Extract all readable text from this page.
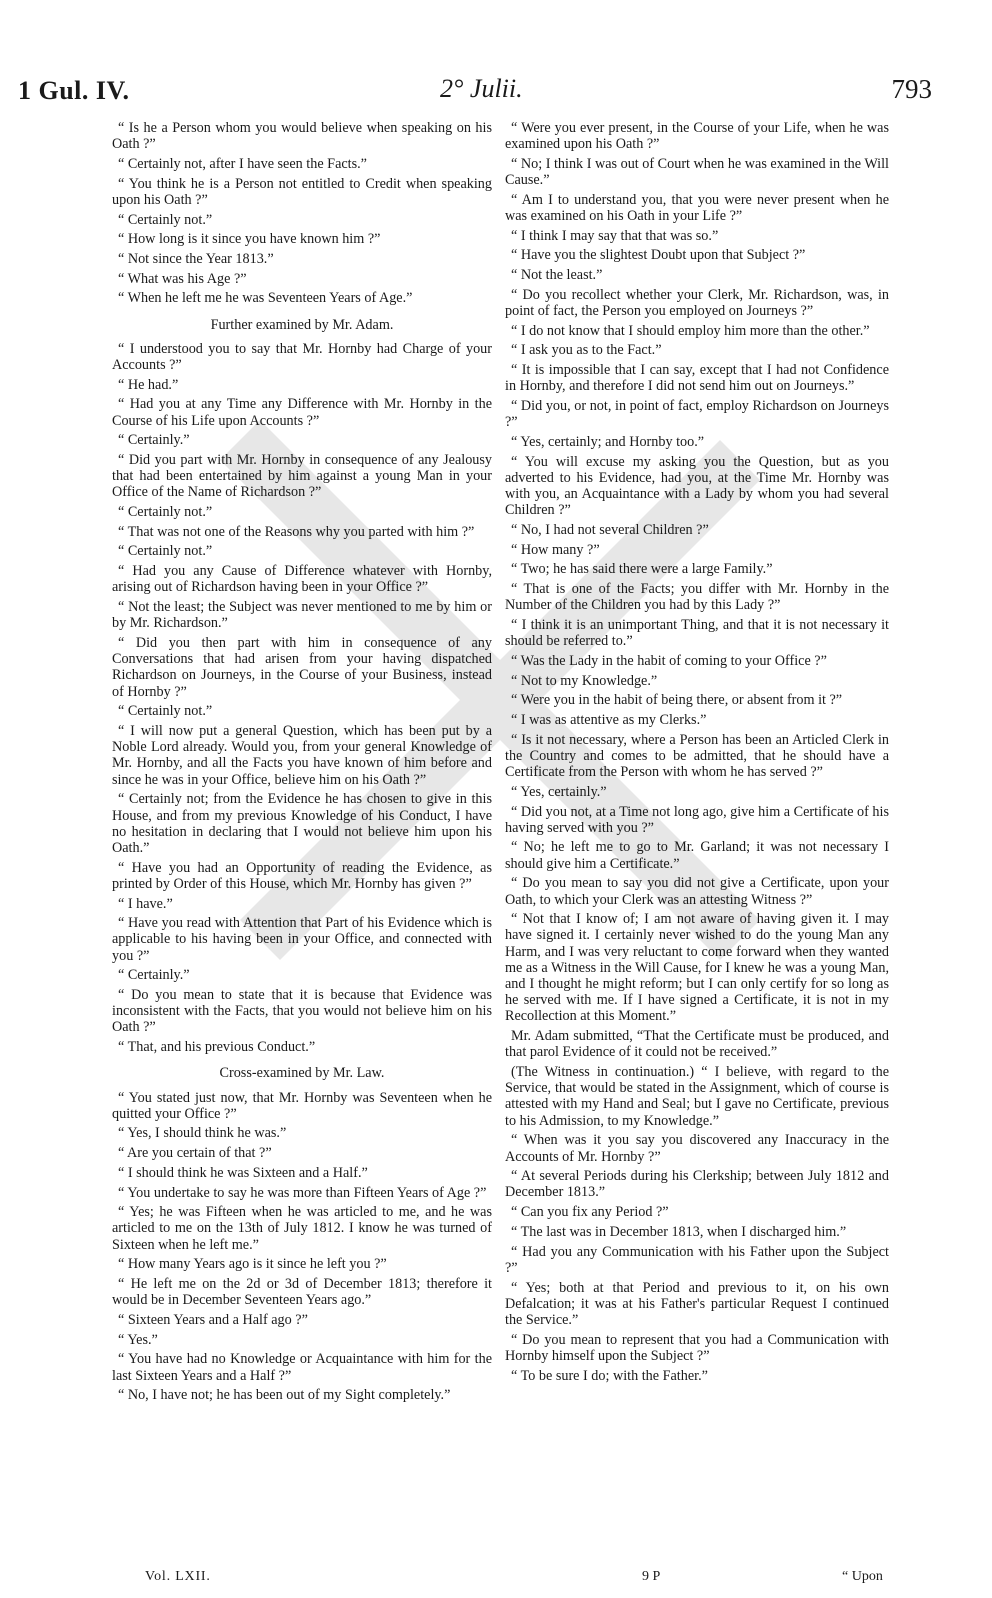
1 Gul. IV.	2° Julii.	793

“ Is he a Person whom you would believe when speaking on his Oath ?”

“ Certainly not, after I have seen the Facts.”

“ You think he is a Person not entitled to Credit when speaking upon his Oath ?”

“ Certainly not.”

“ How long is it since you have known him ?”

“ Not since the Year 1813.”

“ What was his Age ?”

“ When he left me he was Seventeen Years of Age.”

Further examined by Mr. Adam.

“ I understood you to say that Mr. Hornby had Charge of your Accounts ?”

“ He had.”

“ Had you at any Time any Difference with Mr. Hornby in the Course of his Life upon Accounts ?”

“ Certainly.”

“ Did you part with Mr. Hornby in consequence of any Jealousy that had been entertained by him against a young Man in your Office of the Name of Richardson ?”

“ Certainly not.”

“ That was not one of the Reasons why you parted with him ?”

“ Certainly not.”

“ Had you any Cause of Difference whatever with Hornby, arising out of Richardson having been in your Office ?”

“ Not the least; the Subject was never mentioned to me by him or by Mr. Richardson.”

“ Did you then part with him in consequence of any Conversations that had arisen from your having dispatched Richardson on Journeys, in the Course of your Business, instead of Hornby ?”

“ Certainly not.”

“ I will now put a general Question, which has been put by a Noble Lord already. Would you, from your general Knowledge of Mr. Hornby, and all the Facts you have known of him before and since he was in your Office, believe him on his Oath ?”

“ Certainly not; from the Evidence he has chosen to give in this House, and from my previous Knowledge of his Conduct, I have no hesitation in declaring that I would not believe him upon his Oath.”

“ Have you had an Opportunity of reading the Evidence, as printed by Order of this House, which Mr. Hornby has given ?”

“ I have.”

“ Have you read with Attention that Part of his Evidence which is applicable to his having been in your Office, and connected with you ?”

“ Certainly.”

“ Do you mean to state that it is because that Evidence was inconsistent with the Facts, that you would not believe him on his Oath ?”

“ That, and his previous Conduct.”

Cross-examined by Mr. Law.

“ You stated just now, that Mr. Hornby was Seventeen when he quitted your Office ?”

“ Yes, I should think he was.”

“ Are you certain of that ?”

“ I should think he was Sixteen and a Half.”

“ You undertake to say he was more than Fifteen Years of Age ?”

“ Yes; he was Fifteen when he was articled to me, and he was articled to me on the 13th of July 1812. I know he was turned of Sixteen when he left me.”

“ How many Years ago is it since he left you ?”

“ He left me on the 2d or 3d of December 1813; therefore it would be in December Seventeen Years ago.”

“ Sixteen Years and a Half ago ?”

“ Yes.”

“ You have had no Knowledge or Acquaintance with him for the last Sixteen Years and a Half ?”

“ No, I have not; he has been out of my Sight completely.”

“ Were you ever present, in the Course of your Life, when he was examined upon his Oath ?”

“ No; I think I was out of Court when he was examined in the Will Cause.”

“ Am I to understand you, that you were never present when he was examined on his Oath in your Life ?”

“ I think I may say that that was so.”

“ Have you the slightest Doubt upon that Subject ?”

“ Not the least.”

“ Do you recollect whether your Clerk, Mr. Richardson, was, in point of fact, the Person you employed on Journeys ?”

“ I do not know that I should employ him more than the other.”

“ I ask you as to the Fact.”

“ It is impossible that I can say, except that I had not Confidence in Hornby, and therefore I did not send him out on Journeys.”

“ Did you, or not, in point of fact, employ Richardson on Journeys ?”

“ Yes, certainly; and Hornby too.”

“ You will excuse my asking you the Question, but as you adverted to his Evidence, had you, at the Time Mr. Hornby was with you, an Acquaintance with a Lady by whom you had several Children ?”

“ No, I had not several Children ?”

“ How many ?”

“ Two; he has said there were a large Family.”

“ That is one of the Facts; you differ with Mr. Hornby in the Number of the Children you had by this Lady ?”

“ I think it is an unimportant Thing, and that it is not necessary it should be referred to.”

“ Was the Lady in the habit of coming to your Office ?”

“ Not to my Knowledge.”

“ Were you in the habit of being there, or absent from it ?”

“ I was as attentive as my Clerks.”

“ Is it not necessary, where a Person has been an Articled Clerk in the Country and comes to be admitted, that he should have a Certificate from the Person with whom he has served ?”

“ Yes, certainly.”

“ Did you not, at a Time not long ago, give him a Certificate of his having served with you ?”

“ No; he left me to go to Mr. Garland; it was not necessary I should give him a Certificate.”

“ Do you mean to say you did not give a Certificate, upon your Oath, to which your Clerk was an attesting Witness ?”

“ Not that I know of; I am not aware of having given it. I may have signed it. I certainly never wished to do the young Man any Harm, and I was very reluctant to come forward when they wanted me as a Witness in the Will Cause, for I knew he was a young Man, and I thought he might reform; but I can only certify for so long as he served with me. If I have signed a Certificate, it is not in my Recollection at this Moment.”

Mr. Adam submitted, “That the Certificate must be produced, and that parol Evidence of it could not be received.”

(The Witness in continuation.) “ I believe, with regard to the Service, that would be stated in the Assignment, which of course is attested with my Hand and Seal; but I gave no Certificate, previous to his Admission, to my Knowledge.”

“ When was it you say you discovered any Inaccuracy in the Accounts of Mr. Hornby ?”

“ At several Periods during his Clerkship; between July 1812 and December 1813.”

“ Can you fix any Period ?”

“ The last was in December 1813, when I discharged him.”

“ Had you any Communication with his Father upon the Subject ?”

“ Yes; both at that Period and previous to it, on his own Defalcation; it was at his Father's particular Request I continued the Service.”

“ Do you mean to represent that you had a Communication with Hornby himself upon the Subject ?”

“ To be sure I do; with the Father.”

Vol. LXII.	9 P	“ Upon
